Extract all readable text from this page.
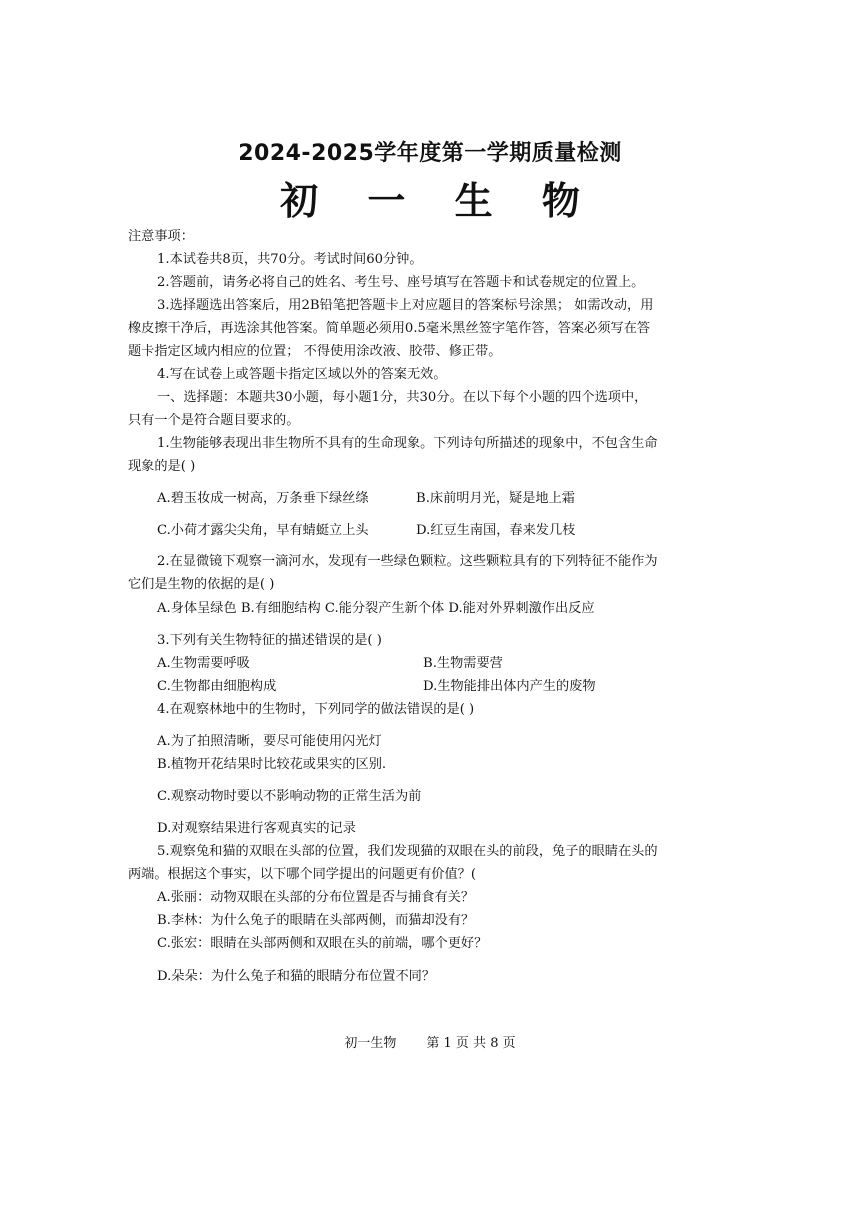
2024-2025学年度第一学期质量检测
初 一 生 物
注意事项：
1.本试卷共8页，共70分。考试时间60分钟。
2.答题前，请务必将自己的姓名、考生号、座号填写在答题卡和试卷规定的位置上。
3.选择题选出答案后，用2B铅笔把答题卡上对应题目的答案标号涂黑； 如需改动，用
橡皮擦干净后，再选涂其他答案。简单题必须用0.5毫米黑丝签字笔作答，答案必须写在答
题卡指定区域内相应的位置； 不得使用涂改液、胶带、修正带。
4.写在试卷上或答题卡指定区域以外的答案无效。
一、选择题：本题共30小题，每小题1分，共30分。在以下每个小题的四个选项中，
只有一个是符合题目要求的。
1.生物能够表现出非生物所不具有的生命现象。下列诗句所描述的现象中，不包含生命
现象的是( )
A.碧玉妆成一树高，万条垂下绿丝绦	B.床前明月光，疑是地上霜
C.小荷才露尖尖角，早有蜻蜓立上头	D.红豆生南国，春来发几枝
2.在显微镜下观察一滴河水，发现有一些绿色颗粒。这些颗粒具有的下列特征不能作为
它们是生物的依据的是( )
A.身体呈绿色 B.有细胞结构 C.能分裂产生新个体 D.能对外界刺激作出反应
3.下列有关生物特征的描述错误的是( )
A.生物需要呼吸	B.生物需要营
C.生物都由细胞构成	D.生物能排出体内产生的废物
4.在观察林地中的生物时，下列同学的做法错误的是( )
A.为了拍照清晰，要尽可能使用闪光灯
B.植物开花结果时比较花或果实的区别.
C.观察动物时要以不影响动物的正常生活为前
D.对观察结果进行客观真实的记录
5.观察兔和猫的双眼在头部的位置，我们发现猫的双眼在头的前段，兔子的眼睛在头的
两端。根据这个事实，以下哪个同学提出的问题更有价值？(
A.张丽：动物双眼在头部的分布位置是否与捕食有关？
B.李林：为什么兔子的眼睛在头部两侧，而猫却没有？
C.张宏：眼睛在头部两侧和双眼在头的前端，哪个更好？
D.朵朵：为什么兔子和猫的眼睛分布位置不同？
初一生物 第 1 页 共 8 页
